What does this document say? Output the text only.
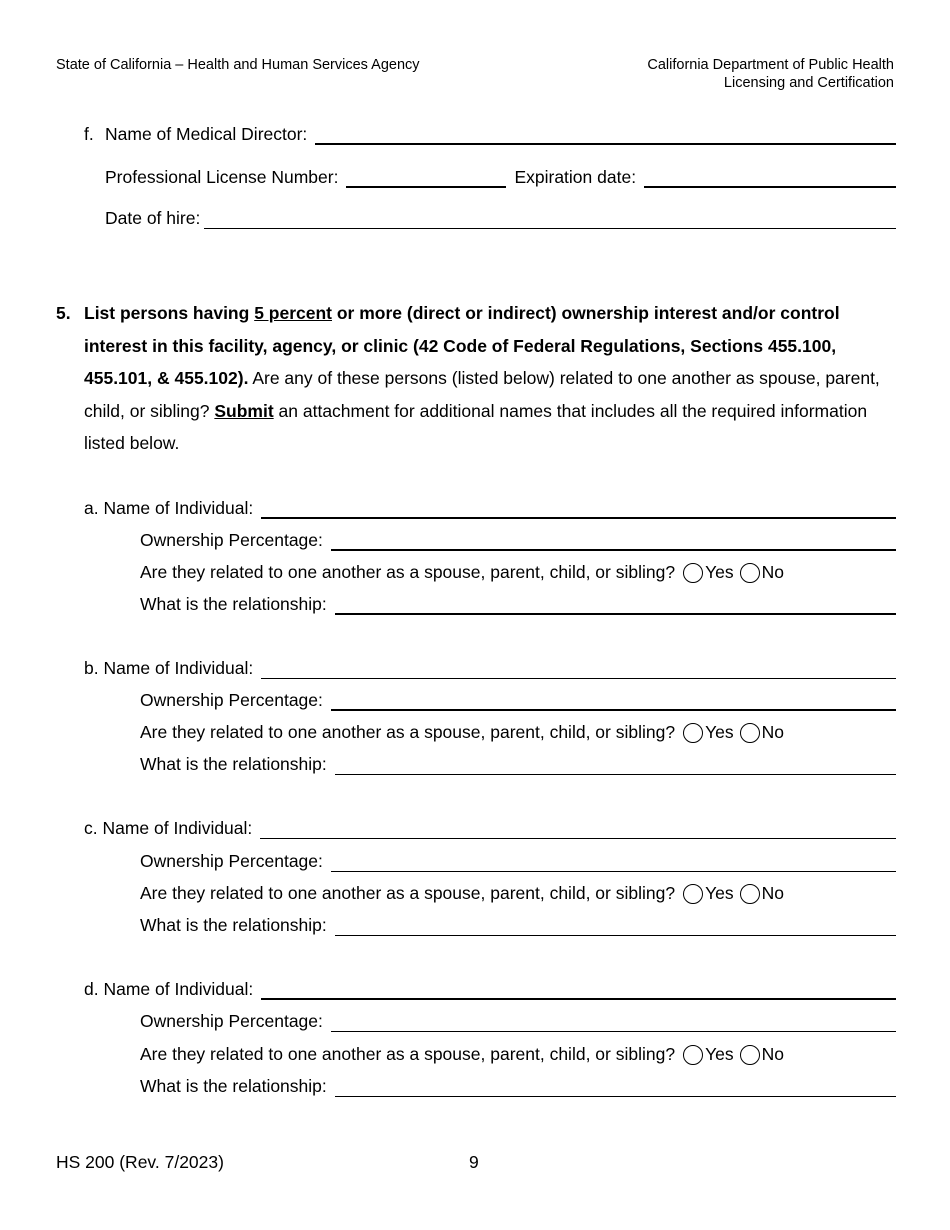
State of California – Health and Human Services Agency	California Department of Public Health
Licensing and Certification
f. Name of Medical Director:
Professional License Number:	Expiration date:
Date of hire:
5. List persons having 5 percent or more (direct or indirect) ownership interest and/or control interest in this facility, agency, or clinic (42 Code of Federal Regulations, Sections 455.100, 455.101, & 455.102). Are any of these persons (listed below) related to one another as spouse, parent, child, or sibling? Submit an attachment for additional names that includes all the required information listed below.
a. Name of Individual:
Ownership Percentage:
Are they related to one another as a spouse, parent, child, or sibling? Yes No
What is the relationship:
b. Name of Individual:
Ownership Percentage:
Are they related to one another as a spouse, parent, child, or sibling? Yes No
What is the relationship:
c. Name of Individual:
Ownership Percentage:
Are they related to one another as a spouse, parent, child, or sibling? Yes No
What is the relationship:
d. Name of Individual:
Ownership Percentage:
Are they related to one another as a spouse, parent, child, or sibling? Yes No
What is the relationship:
HS 200 (Rev. 7/2023)	9
